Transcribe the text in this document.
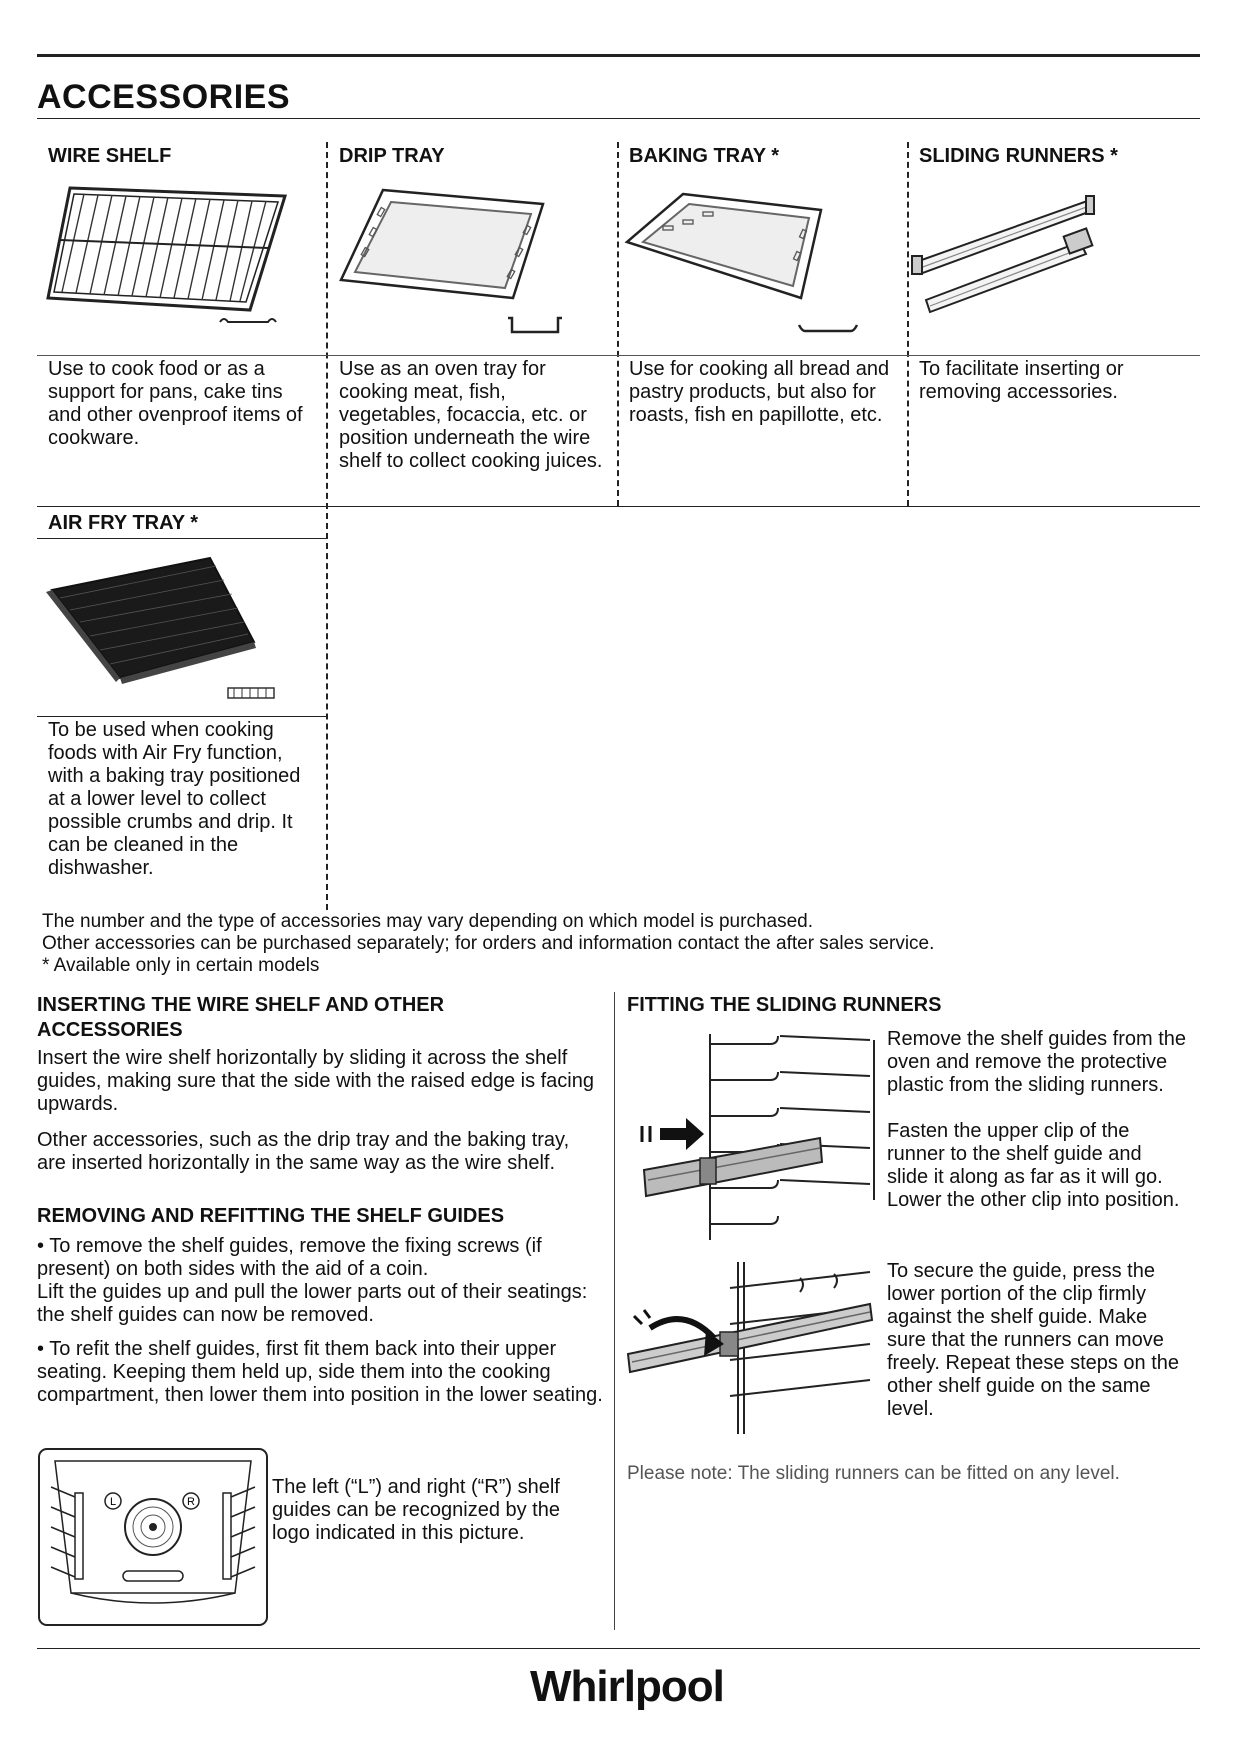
ACCESSORIES
WIRE SHELF	DRIP TRAY	BAKING TRAY *	SLIDING RUNNERS *
Use to cook food or as a support for pans, cake tins and other ovenproof items of cookware.
Use as an oven tray for cooking meat, fish, vegetables, focaccia, etc. or position underneath the wire shelf to collect cooking juices.
Use for cooking all bread and pastry products, but also for roasts, fish en papillotte, etc.
To facilitate inserting or removing accessories.
AIR FRY TRAY *
To be used when cooking foods with Air Fry function, with a baking tray positioned at a lower level to collect possible crumbs and drip. It can be cleaned in the dishwasher.
The number and the type of accessories may vary depending on which model is purchased.
Other accessories can be purchased separately; for orders and information contact the after sales service.
* Available only in certain models
INSERTING THE WIRE SHELF AND OTHER ACCESSORIES
Insert the wire shelf horizontally by sliding it across the shelf guides, making sure that the side with the raised edge is facing upwards.
Other accessories, such as the drip tray and the baking tray, are inserted horizontally in the same way as the wire shelf.
REMOVING AND REFITTING THE SHELF GUIDES
• To remove the shelf guides, remove the fixing screws (if present) on both sides with the aid of a coin.
Lift the guides up and pull the lower parts out of their seatings: the shelf guides can now be removed.
• To refit the shelf guides, first fit them back into their upper seating. Keeping them held up, side them into the cooking compartment, then lower them into position in the lower seating.
L	R
The left (“L”) and right (“R”) shelf guides can be recognized by the logo indicated in this picture.
FITTING THE SLIDING RUNNERS
Remove the shelf guides from the oven and remove the protective plastic from the sliding runners.
Fasten the upper clip of the runner to the shelf guide and slide it along as far as it will go. Lower the other clip into position.
To secure the guide, press the lower portion of the clip firmly against the shelf guide. Make sure that the runners can move freely. Repeat these steps on the other shelf guide on the same level.
Please note: The sliding runners can be fitted on any level.
Whirlpool
